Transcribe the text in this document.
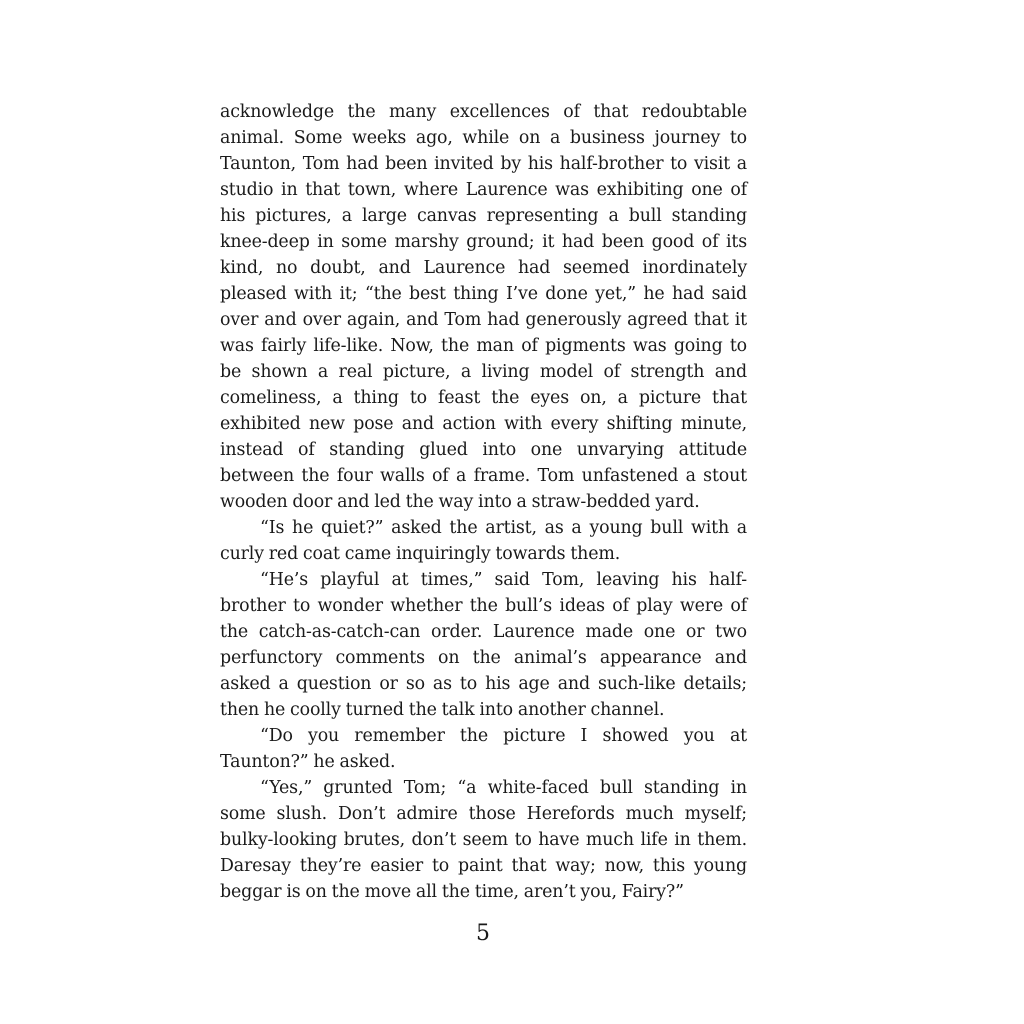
acknowledge the many excellences of that redoubtable animal. Some weeks ago, while on a business journey to Taunton, Tom had been invited by his half-brother to visit a studio in that town, where Laurence was exhibiting one of his pictures, a large canvas representing a bull standing knee-deep in some marshy ground; it had been good of its kind, no doubt, and Laurence had seemed inordinately pleased with it; “the best thing I’ve done yet,” he had said over and over again, and Tom had generously agreed that it was fairly life-like. Now, the man of pigments was going to be shown a real picture, a living model of strength and comeliness, a thing to feast the eyes on, a picture that exhibited new pose and action with every shifting minute, instead of standing glued into one unvarying attitude between the four walls of a frame. Tom unfastened a stout wooden door and led the way into a straw-bedded yard.

“Is he quiet?” asked the artist, as a young bull with a curly red coat came inquiringly towards them.

“He’s playful at times,” said Tom, leaving his half-brother to wonder whether the bull’s ideas of play were of the catch-as-catch-can order. Laurence made one or two perfunctory comments on the animal’s appearance and asked a question or so as to his age and such-like details; then he coolly turned the talk into another channel.

“Do you remember the picture I showed you at Taunton?” he asked.

“Yes,” grunted Tom; “a white-faced bull standing in some slush. Don’t admire those Herefords much myself; bulky-looking brutes, don’t seem to have much life in them. Daresay they’re easier to paint that way; now, this young beggar is on the move all the time, aren’t you, Fairy?”

5
